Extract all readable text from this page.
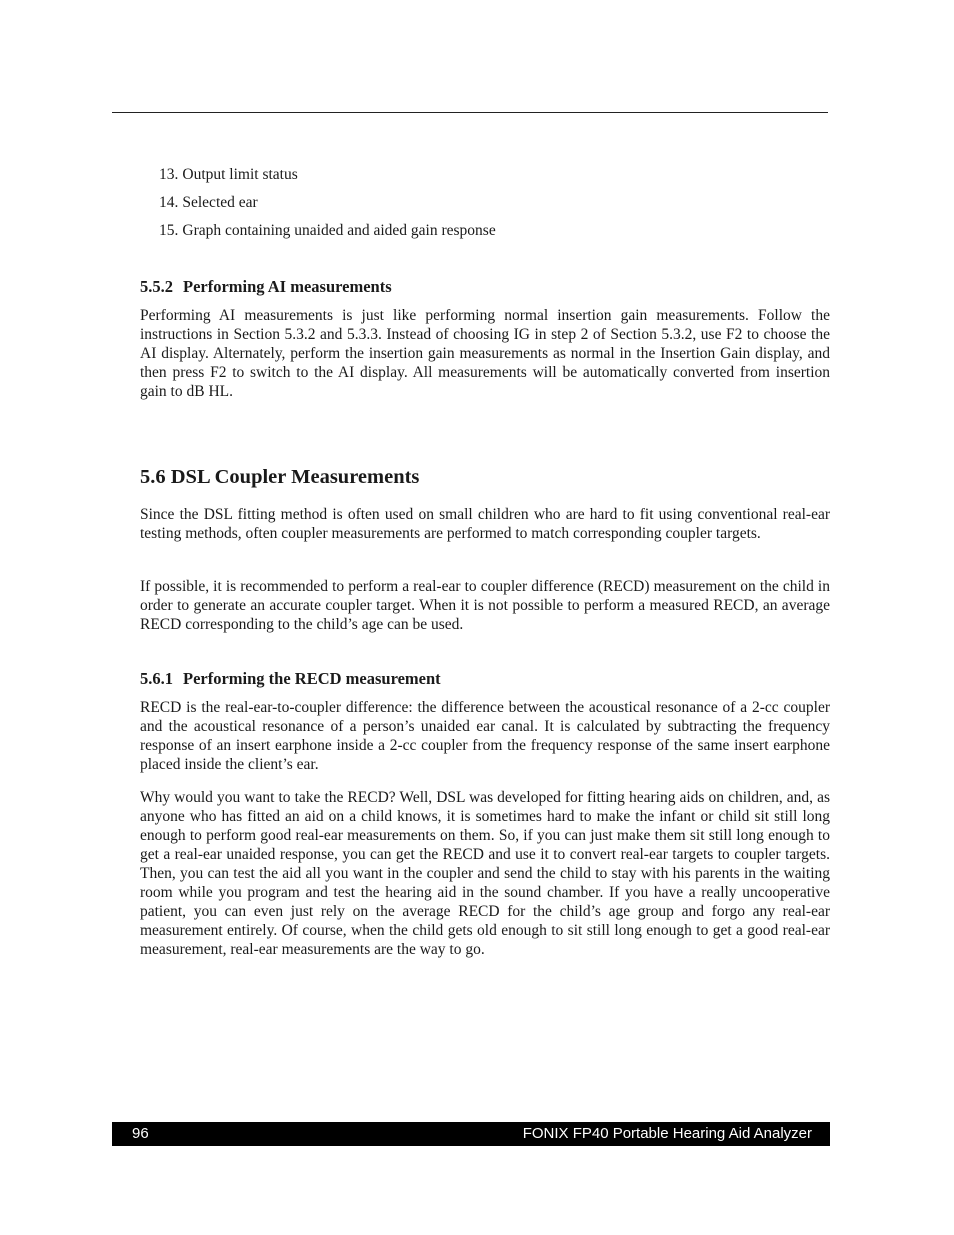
13. Output limit status
14. Selected ear
15. Graph containing unaided and aided gain response
5.5.2 Performing AI measurements

Performing AI measurements is just like performing normal insertion gain measurements. Follow the instructions in Section 5.3.2 and 5.3.3. Instead of choosing IG in step 2 of Section 5.3.2, use F2 to choose the AI display. Alternately, perform the insertion gain measurements as normal in the Insertion Gain display, and then press F2 to switch to the AI display. All measurements will be automatically converted from insertion gain to dB HL.

5.6 DSL Coupler Measurements

Since the DSL fitting method is often used on small children who are hard to fit using conventional real-ear testing methods, often coupler measurements are performed to match corresponding coupler targets.

If possible, it is recommended to perform a real-ear to coupler difference (RECD) measurement on the child in order to generate an accurate coupler target. When it is not possible to perform a measured RECD, an average RECD corresponding to the child’s age can be used.

5.6.1 Performing the RECD measurement

RECD is the real-ear-to-coupler difference: the difference between the acoustical resonance of a 2-cc coupler and the acoustical resonance of a person’s unaided ear canal. It is calculated by subtracting the frequency response of an insert earphone inside a 2-cc coupler from the frequency response of the same insert earphone placed inside the client’s ear.

Why would you want to take the RECD? Well, DSL was developed for fitting hearing aids on children, and, as anyone who has fitted an aid on a child knows, it is sometimes hard to make the infant or child sit still long enough to perform good real-ear measurements on them. So, if you can just make them sit still long enough to get a real-ear unaided response, you can get the RECD and use it to convert real-ear targets to coupler targets. Then, you can test the aid all you want in the coupler and send the child to stay with his parents in the waiting room while you program and test the hearing aid in the sound chamber. If you have a really uncooperative patient, you can even just rely on the average RECD for the child’s age group and forgo any real-ear measurement entirely. Of course, when the child gets old enough to sit still long enough to get a good real-ear measurement, real-ear measurements are the way to go.

96	FONIX FP40 Portable Hearing Aid Analyzer
